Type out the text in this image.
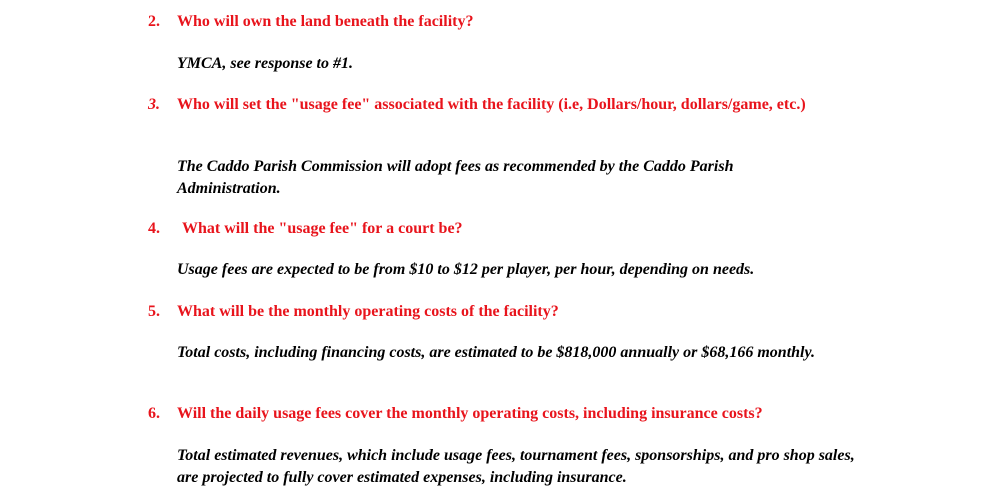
2. Who will own the land beneath the facility?
YMCA, see response to #1.
3. Who will set the "usage fee" associated with the facility (i.e, Dollars/hour, dollars/game, etc.)
The Caddo Parish Commission will adopt fees as recommended by the Caddo Parish Administration.
4. What will the "usage fee" for a court be?
Usage fees are expected to be from $10 to $12 per player, per hour, depending on needs.
5. What will be the monthly operating costs of the facility?
Total costs, including financing costs, are estimated to be $818,000 annually or $68,166 monthly.
6. Will the daily usage fees cover the monthly operating costs, including insurance costs?
Total estimated revenues, which include usage fees, tournament fees, sponsorships, and pro shop sales, are projected to fully cover estimated expenses, including insurance.
